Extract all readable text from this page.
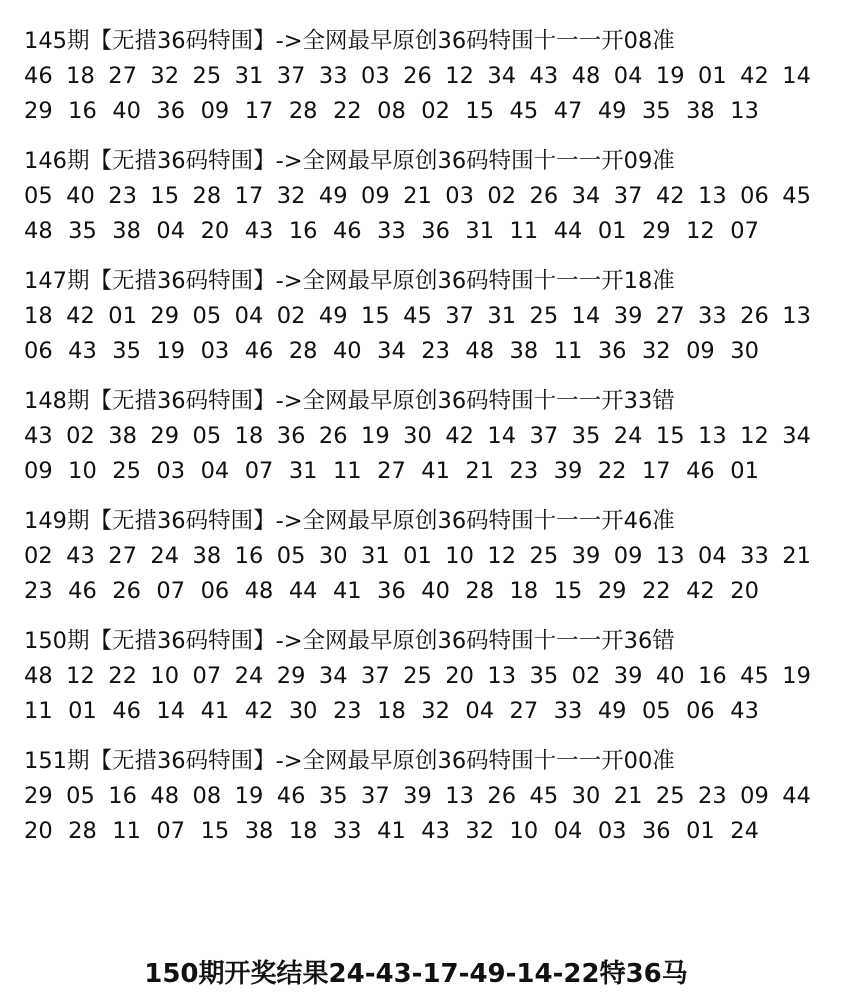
145期【无措36码特围】->全网最早原创36码特围十一一开08准
46 18 27 32 25 31 37 33 03 26 12 34 43 48 04 19 01 42 14
29 16 40 36 09 17 28 22 08 02 15 45 47 49 35 38 13
146期【无措36码特围】->全网最早原创36码特围十一一开09准
05 40 23 15 28 17 32 49 09 21 03 02 26 34 37 42 13 06 45
48 35 38 04 20 43 16 46 33 36 31 11 44 01 29 12 07
147期【无措36码特围】->全网最早原创36码特围十一一开18准
18 42 01 29 05 04 02 49 15 45 37 31 25 14 39 27 33 26 13
06 43 35 19 03 46 28 40 34 23 48 38 11 36 32 09 30
148期【无措36码特围】->全网最早原创36码特围十一一开33错
43 02 38 29 05 18 36 26 19 30 42 14 37 35 24 15 13 12 34
09 10 25 03 04 07 31 11 27 41 21 23 39 22 17 46 01
149期【无措36码特围】->全网最早原创36码特围十一一开46准
02 43 27 24 38 16 05 30 31 01 10 12 25 39 09 13 04 33 21
23 46 26 07 06 48 44 41 36 40 28 18 15 29 22 42 20
150期【无措36码特围】->全网最早原创36码特围十一一开36错
48 12 22 10 07 24 29 34 37 25 20 13 35 02 39 40 16 45 19
11 01 46 14 41 42 30 23 18 32 04 27 33 49 05 06 43
151期【无措36码特围】->全网最早原创36码特围十一一开00准
29 05 16 48 08 19 46 35 37 39 13 26 45 30 21 25 23 09 44
20 28 11 07 15 38 18 33 41 43 32 10 04 03 36 01 24
150期开奖结果24-43-17-49-14-22特36马
